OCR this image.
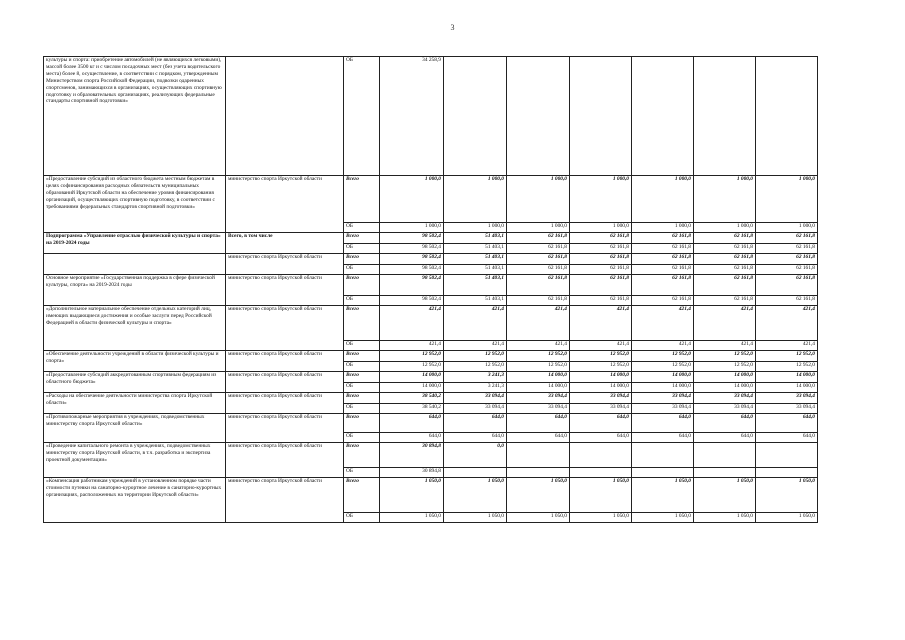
3
культуры и спорта: приобретение автомобилей (не являющихся легковыми), массой более 3500 кг и с числом посадочных мест (без учета водительского места) более 8, осуществление, в соответствии с порядком, утвержденным Министерством спорта Российской Федерации, подвозки одаренных спортсменов, занимающихся в организациях, осуществляющих спортивную подготовку и образовательных организациях, реализующих федеральные стандарты спортивной подготовки»		ОБ	34 258,9						
«Предоставление субсидий из областного бюджета местным бюджетам в целях софинансирования расходных обязательств муниципальных образований Иркутской области на обеспечение уровня финансирования организаций, осуществляющих спортивную подготовку, в соответствии с требованиями федеральных стандартов спортивной подготовки»	министерство спорта Иркутской области	Всего	1 000,0	1 000,0	1 000,0	1 000,0	1 000,0	1 000,0	1 000,0
		ОБ	1 000,0	1 000,0	1 000,0	1 000,0	1 000,0	1 000,0	1 000,0
Подпрограмма «Управление отраслью физической культуры и спорта» на 2019-2024 годы	Всего, в том числе	Всего	98 502,4	51 403,1	62 161,8	62 161,8	62 161,8	62 161,8	62 161,8
		ОБ	98 502,4	51 403,1	62 161,8	62 161,8	62 161,8	62 161,8	62 161,8
	министерство спорта Иркутской области	Всего	98 502,4	51 403,1	62 161,8	62 161,8	62 161,8	62 161,8	62 161,8
		ОБ	98 502,4	51 403,1	62 161,8	62 161,8	62 161,8	62 161,8	62 161,8
Основное мероприятие «Государственная поддержка в сфере физической культуры, спорта» на 2019-2024 годы	министерство спорта Иркутской области	Всего	98 502,4	51 403,1	62 161,8	62 161,8	62 161,8	62 161,8	62 161,8
		ОБ	98 502,4	51 403,1	62 161,8	62 161,8	62 161,8	62 161,8	62 161,8
«Дополнительное материальное обеспечение отдельных категорий лиц, имеющих выдающиеся достижения и особые заслуги перед Российской Федерацией в области физической культуры и спорта»	министерство спорта Иркутской области	Всего	421,4	421,4	421,4	421,4	421,4	421,4	421,4
		ОБ	421,4	421,4	421,4	421,4	421,4	421,4	421,4
«Обеспечение деятельности учреждений в области физической культуры и спорта»	министерство спорта Иркутской области	Всего	12 952,0	12 952,0	12 952,0	12 952,0	12 952,0	12 952,0	12 952,0
		ОБ	12 952,0	12 952,0	12 952,0	12 952,0	12 952,0	12 952,0	12 952,0
«Предоставление субсидий аккредитованным спортивным федерациям из областного бюджета»	министерство спорта Иркутской области	Всего	14 000,0	3 241,3	14 000,0	14 000,0	14 000,0	14 000,0	14 000,0
		ОБ	14 000,0	3 241,3	14 000,0	14 000,0	14 000,0	14 000,0	14 000,0
«Расходы на обеспечение деятельности министерства спорта Иркутской области»	министерство спорта Иркутской области	Всего	38 540,2	33 094,4	33 094,4	33 094,4	33 094,4	33 094,4	33 094,4
		ОБ	38 540,2	33 094,4	33 094,4	33 094,4	33 094,4	33 094,4	33 094,4
«Противопожарные мероприятия в учреждениях, подведомственных министерству спорта Иркутской области»	министерство спорта Иркутской области	Всего	644,0	644,0	644,0	644,0	644,0	644,0	644,0
		ОБ	644,0	644,0	644,0	644,0	644,0	644,0	644,0
«Проведение капитального ремонта в учреждениях, подведомственных министерству спорта Иркутской области, в т.ч. разработка и экспертиза проектной документации»	министерство спорта Иркутской области	Всего	30 894,8	0,0					
		ОБ	30 894,8						
«Компенсация работникам учреждений в установленном порядке части стоимости путевки на санаторно-курортное лечение в санаторно-курортных организациях, расположенных на территории Иркутской области»	министерство спорта Иркутской области	Всего	1 050,0	1 050,0	1 050,0	1 050,0	1 050,0	1 050,0	1 050,0
		ОБ	1 050,0	1 050,0	1 050,0	1 050,0	1 050,0	1 050,0	1 050,0
